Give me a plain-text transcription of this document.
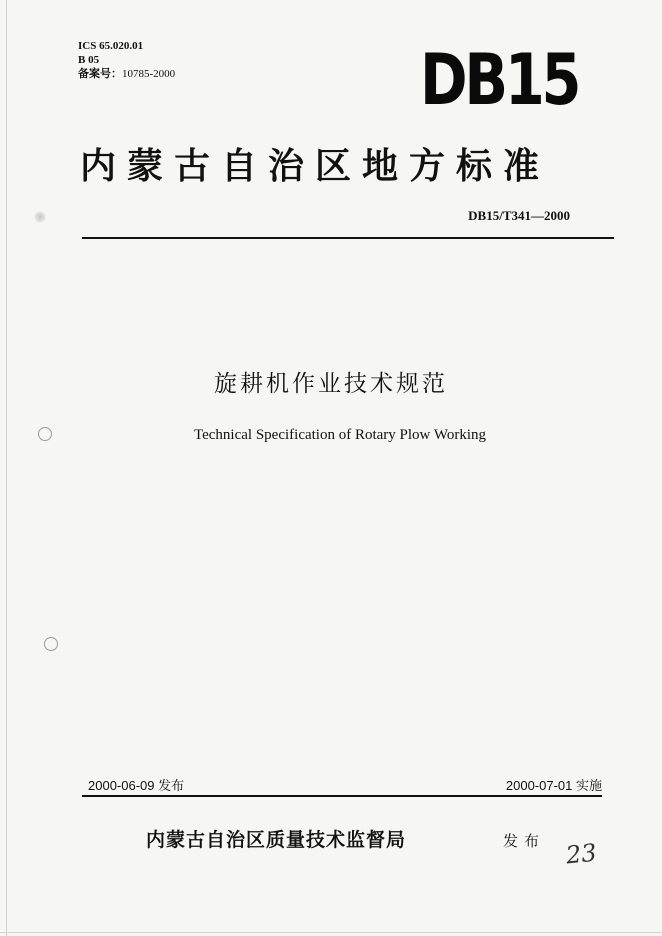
ICS 65.020.01
B 05
备案号：10785-2000	DB15
内蒙古自治区地方标准
DB15/T341—2000
旋耕机作业技术规范
Technical Specification of Rotary Plow Working
2000-06-09 发布	2000-07-01 实施
内蒙古自治区质量技术监督局	发布 23
